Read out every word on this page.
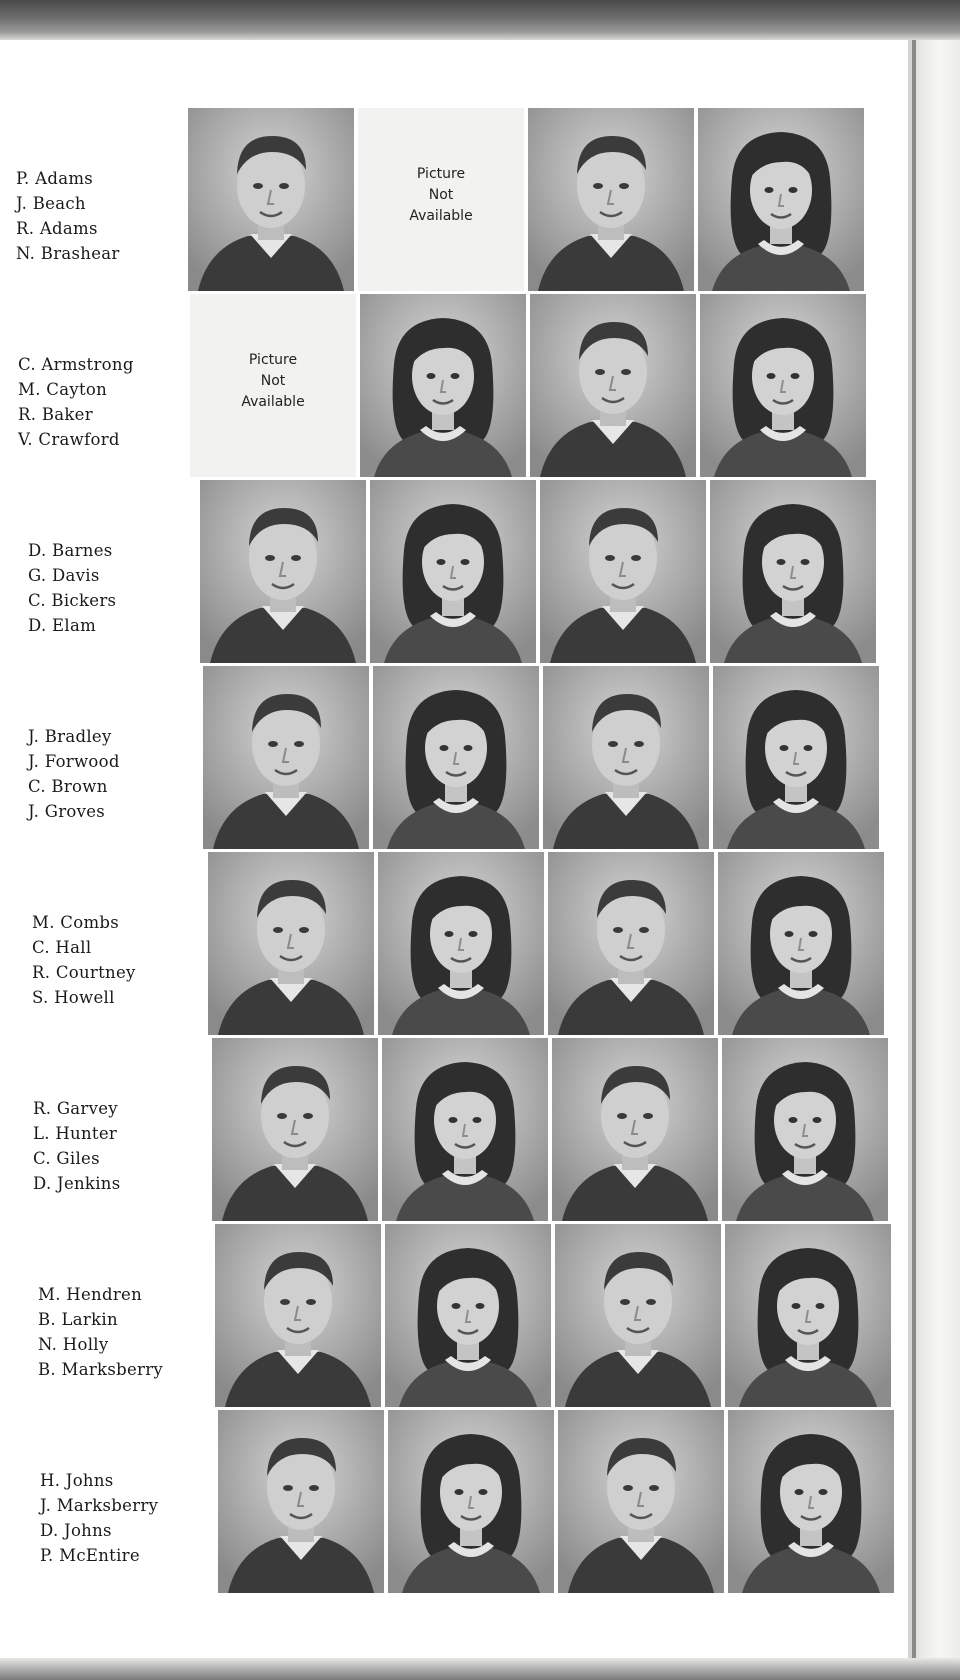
P. Adams
J. Beach
R. Adams
N. Brashear
Picture
Not
Available
C. Armstrong
M. Cayton
R. Baker
V. Crawford
Picture
Not
Available
D. Barnes
G. Davis
C. Bickers
D. Elam
J. Bradley
J. Forwood
C. Brown
J. Groves
M. Combs
C. Hall
R. Courtney
S. Howell
R. Garvey
L. Hunter
C. Giles
D. Jenkins
M. Hendren
B. Larkin
N. Holly
B. Marksberry
H. Johns
J. Marksberry
D. Johns
P. McEntire
